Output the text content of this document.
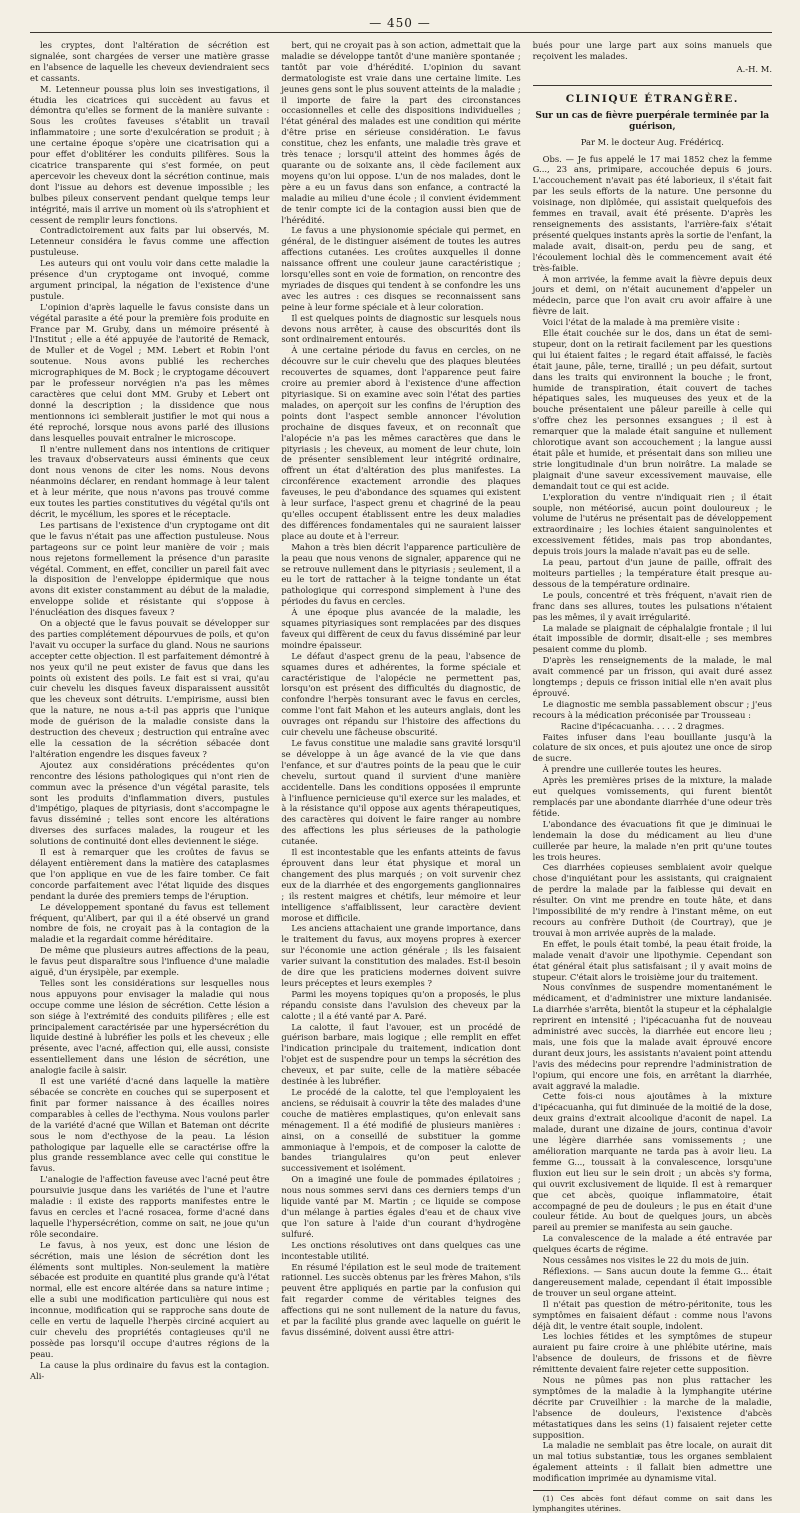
— 450 —

les cryptes, dont l'altération de sécrétion est signalée, sont chargées de verser une matière grasse en l'absence de laquelle les cheveux deviendraient secs et cassants.

M. Letenneur poussa plus loin ses investigations, il étudia les cicatrices qui succèdent au favus et démontra qu'elles se forment de la manière suivante : Sous les croûtes faveuses s'établit un travail inflammatoire ; une sorte d'exulcération se produit ; à une certaine époque s'opère une cicatrisation qui a pour effet d'oblitérer les conduits pilifères. Sous la cicatrice transparente qui s'est formée, on peut apercevoir les cheveux dont la sécrétion continue, mais dont l'issue au dehors est devenue impossible ; les bulbes pileux conservent pendant quelque temps leur intégrité, mais il arrive un moment où ils s'atrophient et cessent de remplir leurs fonctions.

Contradictoirement aux faits par lui observés, M. Letenneur considéra le favus comme une affection pustuleuse.

Les auteurs qui ont voulu voir dans cette maladie la présence d'un cryptogame ont invoqué, comme argument principal, la négation de l'existence d'une pustule.

L'opinion d'après laquelle le favus consiste dans un végétal parasite a été pour la première fois produite en France par M. Gruby, dans un mémoire présenté à l'Institut ; elle a été appuyée de l'autorité de Remack, de Muller et de Vogel ; MM. Lebert et Robin l'ont soutenue. Nous avons publié les recherches micrographiques de M. Bock ; le cryptogame découvert par le professeur norvégien n'a pas les mêmes caractères que celui dont MM. Gruby et Lebert ont donné la description ; la dissidence que nous mentionnons ici semblerait justifier le mot qui nous a été reproché, lorsque nous avons parlé des illusions dans lesquelles pouvait entraîner le microscope.

Il n'entre nullement dans nos intentions de critiquer les travaux d'observateurs aussi éminents que ceux dont nous venons de citer les noms. Nous devons néanmoins déclarer, en rendant hommage à leur talent et à leur mérite, que nous n'avons pas trouvé comme eux toutes les parties constitutives du végétal qu'ils ont décrit, le mycélium, les spores et le réceptacle.

Les partisans de l'existence d'un cryptogame ont dit que le favus n'était pas une affection pustuleuse. Nous partageons sur ce point leur manière de voir ; mais nous rejetons formellement la présence d'un parasite végétal. Comment, en effet, concilier un pareil fait avec la disposition de l'enveloppe épidermique que nous avons dit exister constamment au début de la maladie, enveloppe solide et résistante qui s'oppose à l'énucléation des disques faveux ?

On a objecté que le favus pouvait se développer sur des parties complétement dépourvues de poils, et qu'on l'avait vu occuper la surface du gland. Nous ne saurions accepter cette objection. Il est parfaitement démontré à nos yeux qu'il ne peut exister de favus que dans les points où existent des poils. Le fait est si vrai, qu'au cuir chevelu les disques faveux disparaissent aussitôt que les cheveux sont détruits. L'empirisme, aussi bien que la nature, ne nous a-t-il pas appris que l'unique mode de guérison de la maladie consiste dans la destruction des cheveux ; destruction qui entraîne avec elle la cessation de la sécrétion sébacée dont l'altération engendre les disques faveux ?

Ajoutez aux considérations précédentes qu'on rencontre des lésions pathologiques qui n'ont rien de commun avec la présence d'un végétal parasite, tels sont les produits d'inflammation divers, pustules d'impétigo, plaques de pityriasis, dont s'accompagne le favus disséminé ; telles sont encore les altérations diverses des surfaces malades, la rougeur et les solutions de continuité dont elles deviennent le siége.

Il est à remarquer que les croûtes de favus se délayent entièrement dans la matière des cataplasmes que l'on applique en vue de les faire tomber. Ce fait concorde parfaitement avec l'état liquide des disques pendant la durée des premiers temps de l'éruption.

Le développement spontané du favus est tellement fréquent, qu'Alibert, par qui il a été observé un grand nombre de fois, ne croyait pas à la contagion de la maladie et la regardait comme héréditaire.

De même que plusieurs autres affections de la peau, le favus peut disparaître sous l'influence d'une maladie aiguë, d'un érysipèle, par exemple.

Telles sont les considérations sur lesquelles nous nous appuyons pour envisager la maladie qui nous occupe comme une lésion de sécrétion. Cette lésion a son siége à l'extrémité des conduits pilifères ; elle est principalement caractérisée par une hypersécrétion du liquide destiné à lubréfier les poils et les cheveux ; elle présente, avec l'acné, affection qui, elle aussi, consiste essentiellement dans une lésion de sécrétion, une analogie facile à saisir.

Il est une variété d'acné dans laquelle la matière sébacée se concrète en couches qui se superposent et finit par former naissance à des écailles noires comparables à celles de l'ecthyma. Nous voulons parler de la variété d'acné que Willan et Bateman ont décrite sous le nom d'ecthyose de la peau. La lésion pathologique par laquelle elle se caractérise offre la plus grande ressemblance avec celle qui constitue le favus.

L'analogie de l'affection faveuse avec l'acné peut être poursuivie jusque dans les variétés de l'une et l'autre maladie : il existe des rapports manifestes entre le favus en cercles et l'acné rosacea, forme d'acné dans laquelle l'hypersécrétion, comme on sait, ne joue qu'un rôle secondaire.

Le favus, à nos yeux, est donc une lésion de sécrétion, mais une lésion de sécrétion dont les éléments sont multiples. Non-seulement la matière sébacée est produite en quantité plus grande qu'à l'état normal, elle est encore altérée dans sa nature intime ; elle a subi une modification particulière qui nous est inconnue, modification qui se rapproche sans doute de celle en vertu de laquelle l'herpès circiné acquiert au cuir chevelu des propriétés contagieuses qu'il ne possède pas lorsqu'il occupe d'autres régions de la peau.

La cause la plus ordinaire du favus est la contagion. Ali-

bert, qui ne croyait pas à son action, admettait que la maladie se développe tantôt d'une manière spontanée ; tantôt par voie d'hérédité. L'opinion du savant dermatologiste est vraie dans une certaine limite. Les jeunes gens sont le plus souvent atteints de la maladie ; il importe de faire la part des circonstances occasionnelles et celle des dispositions individuelles ; l'état général des malades est une condition qui mérite d'être prise en sérieuse considération. Le favus constitue, chez les enfants, une maladie très grave et très tenace ; lorsqu'il atteint des hommes âgés de quarante ou de soixante ans, il cède facilement aux moyens qu'on lui oppose. L'un de nos malades, dont le père a eu un favus dans son enfance, a contracté la maladie au milieu d'une école ; il convient évidemment de tenir compte ici de la contagion aussi bien que de l'hérédité.

Le favus a une physionomie spéciale qui permet, en général, de le distinguer aisément de toutes les autres affections cutanées. Les croûtes auxquelles il donne naissance offrent une couleur jaune caractéristique ; lorsqu'elles sont en voie de formation, on rencontre des myriades de disques qui tendent à se confondre les uns avec les autres : ces disques se reconnaissent sans peine à leur forme spéciale et à leur coloration.

Il est quelques points de diagnostic sur lesquels nous devons nous arrêter, à cause des obscurités dont ils sont ordinairement entourés.

À une certaine période du favus en cercles, on ne découvre sur le cuir chevelu que des plaques bleutées recouvertes de squames, dont l'apparence peut faire croire au premier abord à l'existence d'une affection pityriasique. Si on examine avec soin l'état des parties malades, on aperçoit sur les confins de l'éruption des points dont l'aspect semble annoncer l'évolution prochaine de disques faveux, et on reconnaît que l'alopécie n'a pas les mêmes caractères que dans le pityriasis ; les cheveux, au moment de leur chute, loin de présenter sensiblement leur intégrité ordinaire, offrent un état d'altération des plus manifestes. La circonférence exactement arrondie des plaques faveuses, le peu d'abondance des squames qui existent à leur surface, l'aspect grenu et chagriné de la peau qu'elles occupent établissent entre les deux maladies des différences fondamentales qui ne sauraient laisser place au doute et à l'erreur.

Mahon a très bien décrit l'apparence particulière de la peau que nous venons de signaler, apparence qui ne se retrouve nullement dans le pityriasis ; seulement, il a eu le tort de rattacher à la teigne tondante un état pathologique qui correspond simplement à l'une des périodes du favus en cercles.

À une époque plus avancée de la maladie, les squames pityriasiques sont remplacées par des disques faveux qui diffèrent de ceux du favus disséminé par leur moindre épaisseur.

Le défaut d'aspect grenu de la peau, l'absence de squames dures et adhérentes, la forme spéciale et caractéristique de l'alopécie ne permettent pas, lorsqu'on est présent des difficultés du diagnostic, de confondre l'herpès tonsurant avec le favus en cercles, comme l'ont fait Mahon et les auteurs anglais, dont les ouvrages ont répandu sur l'histoire des affections du cuir chevelu une fâcheuse obscurité.

Le favus constitue une maladie sans gravité lorsqu'il se développe à un âge avancé de la vie que dans l'enfance, et sur d'autres points de la peau que le cuir chevelu, surtout quand il survient d'une manière accidentelle. Dans les conditions opposées il emprunte à l'influence pernicieuse qu'il exerce sur les malades, et à la résistance qu'il oppose aux agents thérapeutiques, des caractères qui doivent le faire ranger au nombre des affections les plus sérieuses de la pathologie cutanée.

Il est incontestable que les enfants atteints de favus éprouvent dans leur état physique et moral un changement des plus marqués ; on voit survenir chez eux de la diarrhée et des engorgements ganglionnaires ; ils restent maigres et chétifs, leur mémoire et leur intelligence s'affaiblissent, leur caractère devient morose et difficile.

Les anciens attachaient une grande importance, dans le traitement du favus, aux moyens propres à exercer sur l'économie une action générale ; ils les faisaient varier suivant la constitution des malades. Est-il besoin de dire que les praticiens modernes doivent suivre leurs préceptes et leurs exemples ?

Parmi les moyens topiques qu'on a proposés, le plus répandu consiste dans l'avulsion des cheveux par la calotte ; il a été vanté par A. Paré.

La calotte, il faut l'avouer, est un procédé de guérison barbare, mais logique ; elle remplit en effet l'indication principale du traitement, indication dont l'objet est de suspendre pour un temps la sécrétion des cheveux, et par suite, celle de la matière sébacée destinée à les lubréfier.

Le procédé de la calotte, tel que l'employaient les anciens, se réduisait à couvrir la tête des malades d'une couche de matières emplastiques, qu'on enlevait sans ménagement. Il a été modifié de plusieurs manières : ainsi, on a conseillé de substituer la gomme ammoniaque à l'empois, et de composer la calotte de bandes triangulaires qu'on peut enlever successivement et isolément.

On a imaginé une foule de pommades épilatoires ; nous nous sommes servi dans ces derniers temps d'un liquide vanté par M. Martin ; ce liquide se compose d'un mélange à parties égales d'eau et de chaux vive que l'on sature à l'aide d'un courant d'hydrogène sulfuré.

Les onctions résolutives ont dans quelques cas une incontestable utilité.

En résumé l'épilation est le seul mode de traitement rationnel. Les succès obtenus par les frères Mahon, s'ils peuvent être appliqués en partie par la confusion qui fait regarder comme de véritables teignes des affections qui ne sont nullement de la nature du favus, et par la facilité plus grande avec laquelle on guérit le favus disséminé, doivent aussi être attri-

bués pour une large part aux soins manuels que reçoivent les malades.

A.-H. M.
CLINIQUE ÉTRANGÈRE.
Sur un cas de fièvre puerpérale terminée par la guérison,
Par M. le docteur Aug. Frédéricq.

Obs. — Je fus appelé le 17 mai 1852 chez la femme G..., 23 ans, primipare, accouchée depuis 6 jours. L'accouchement n'avait pas été laborieux, il s'était fait par les seuls efforts de la nature. Une personne du voisinage, non diplômée, qui assistait quelquefois des femmes en travail, avait été présente. D'après les renseignements des assistants, l'arrière-faix s'était présenté quelques instants après la sortie de l'enfant, la malade avait, disait-on, perdu peu de sang, et l'écoulement lochial dès le commencement avait été très-faible.

À mon arrivée, la femme avait la fièvre depuis deux jours et demi, on n'était aucunement d'appeler un médecin, parce que l'on avait cru avoir affaire à une fièvre de lait.

Voici l'état de la malade à ma première visite :

Elle était couchée sur le dos, dans un état de semi-stupeur, dont on la retirait facilement par les questions qui lui étaient faites ; le regard était affaissé, le faciès était jaune, pâle, terne, tiraillé ; un peu défait, surtout dans les traits qui environnent la bouche ; le front, humide de transpiration, était couvert de taches hépatiques sales, les muqueuses des yeux et de la bouche présentaient une pâleur pareille à celle qui s'offre chez les personnes exsangues ; il est à remarquer que la malade était sanguine et nullement chlorotique avant son accouchement ; la langue aussi était pâle et humide, et présentait dans son milieu une strie longitudinale d'un brun noirâtre. La malade se plaignait d'une saveur excessivement mauvaise, elle demandait tout ce qui est acide.

L'exploration du ventre n'indiquait rien ; il était souple, non météorisé, aucun point douloureux ; le volume de l'utérus ne présentait pas de développement extraordinaire ; les lochies étaient sanguinolentes et excessivement fétides, mais pas trop abondantes, depuis trois jours la malade n'avait pas eu de selle.

La peau, partout d'un jaune de paille, offrait des moiteurs partielles ; la température était presque au-dessous de la température ordinaire.

Le pouls, concentré et très fréquent, n'avait rien de franc dans ses allures, toutes les pulsations n'étaient pas les mêmes, il y avait irrégularité.

La malade se plaignait de céphalalgie frontale ; il lui était impossible de dormir, disait-elle ; ses membres pesaient comme du plomb.

D'après les renseignements de la malade, le mal avait commencé par un frisson, qui avait duré assez longtemps ; depuis ce frisson initial elle n'en avait plus éprouvé.

Le diagnostic me sembla passablement obscur ; j'eus recours à la médication préconisée par Trousseau :

Racine d'ipécacuanha. . . . . 2 dragmes.

Faites infuser dans l'eau bouillante jusqu'à la colature de six onces, et puis ajoutez une once de sirop de sucre.

À prendre une cuillerée toutes les heures.

Après les premières prises de la mixture, la malade eut quelques vomissements, qui furent bientôt remplacés par une abondante diarrhée d'une odeur très fétide.

L'abondance des évacuations fit que je diminuai le lendemain la dose du médicament au lieu d'une cuillerée par heure, la malade n'en prit qu'une toutes les trois heures.

Ces diarrhées copieuses semblaient avoir quelque chose d'inquiétant pour les assistants, qui craignaient de perdre la malade par la faiblesse qui devait en résulter. On vint me prendre en toute hâte, et dans l'impossibilité de m'y rendre à l'instant même, on eut recours au confrère Duthoit (de Courtray), que je trouvai à mon arrivée auprès de la malade.

En effet, le pouls était tombé, la peau était froide, la malade venait d'avoir une lipothymie. Cependant son état général était plus satisfaisant ; il y avait moins de stupeur. C'était alors le troisième jour du traitement.

Nous convînmes de suspendre momentanément le médicament, et d'administrer une mixture landanisée. La diarrhée s'arrêta, bientôt la stupeur et la céphalalgie reprirent en intensité ; l'ipécacuanha fut de nouveau administré avec succès, la diarrhée eut encore lieu ; mais, une fois que la malade avait éprouvé encore durant deux jours, les assistants n'avaient point attendu l'avis des médecins pour reprendre l'administration de l'opium, qui encore une fois, en arrêtant la diarrhée, avait aggravé la maladie.

Cette fois-ci nous ajoutâmes à la mixture d'ipécacuanha, qui fut diminuée de la moitié de la dose, deux grains d'extrait alcoolique d'aconit de napel. La malade, durant une dizaine de jours, continua d'avoir une légère diarrhée sans vomissements ; une amélioration marquante ne tarda pas à avoir lieu. La femme G..., toussait à la convalescence, lorsqu'une fluxion eut lieu sur le sein droit ; un abcès s'y forma, qui ouvrit exclusivement de liquide. Il est à remarquer que cet abcès, quoique inflammatoire, était accompagné de peu de douleurs ; le pus en était d'une couleur fétide. Au bout de quelques jours, un abcès pareil au premier se manifesta au sein gauche.

La convalescence de la malade a été entravée par quelques écarts de régime.

Nous cessâmes nos visites le 22 du mois de juin.

Réflexions. — Sans aucun doute la femme G... était dangereusement malade, cependant il était impossible de trouver un seul organe atteint.

Il n'était pas question de métro-péritonite, tous les symptômes en faisaient défaut : comme nous l'avons déjà dit, le ventre était souple, indolent.

Les lochies fétides et les symptômes de stupeur auraient pu faire croire à une phlébite utérine, mais l'absence de douleurs, de frissons et de fièvre rémittente devaient faire rejeter cette supposition.

Nous ne pûmes pas non plus rattacher les symptômes de la maladie à la lymphangite utérine décrite par Cruveilhier : la marche de la maladie, l'absence de douleurs, l'existence d'abcès métastatiques dans les seins (1) faisaient rejeter cette supposition.

La maladie ne semblait pas être locale, on aurait dit un mal totius substantiæ, tous les organes semblaient également atteints : il fallait bien admettre une modification imprimée au dynamisme vital.

(1) Ces abcès font défaut comme on sait dans les lymphangites utérines.
